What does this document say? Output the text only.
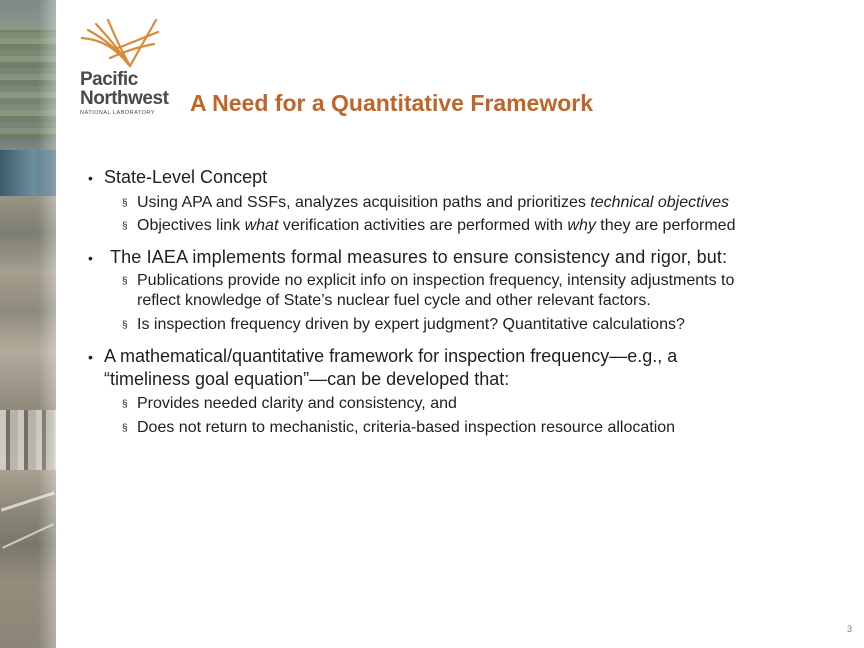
Pacific
Northwest
NATIONAL LABORATORY	A Need for a Quantitative Framework
• State-Level Concept
§ Using APA and SSFs, analyzes acquisition paths and prioritizes technical objectives
§ Objectives link what verification activities are performed with why they are performed
• The IAEA implements formal measures to ensure consistency and rigor, but:
§ Publications provide no explicit info on inspection frequency, intensity adjustments to
reflect knowledge of State’s nuclear fuel cycle and other relevant factors.
§ Is inspection frequency driven by expert judgment? Quantitative calculations?
• A mathematical/quantitative framework for inspection frequency—e.g., a
“timeliness goal equation”—can be developed that:
§ Provides needed clarity and consistency, and
§ Does not return to mechanistic, criteria-based inspection resource allocation
3
